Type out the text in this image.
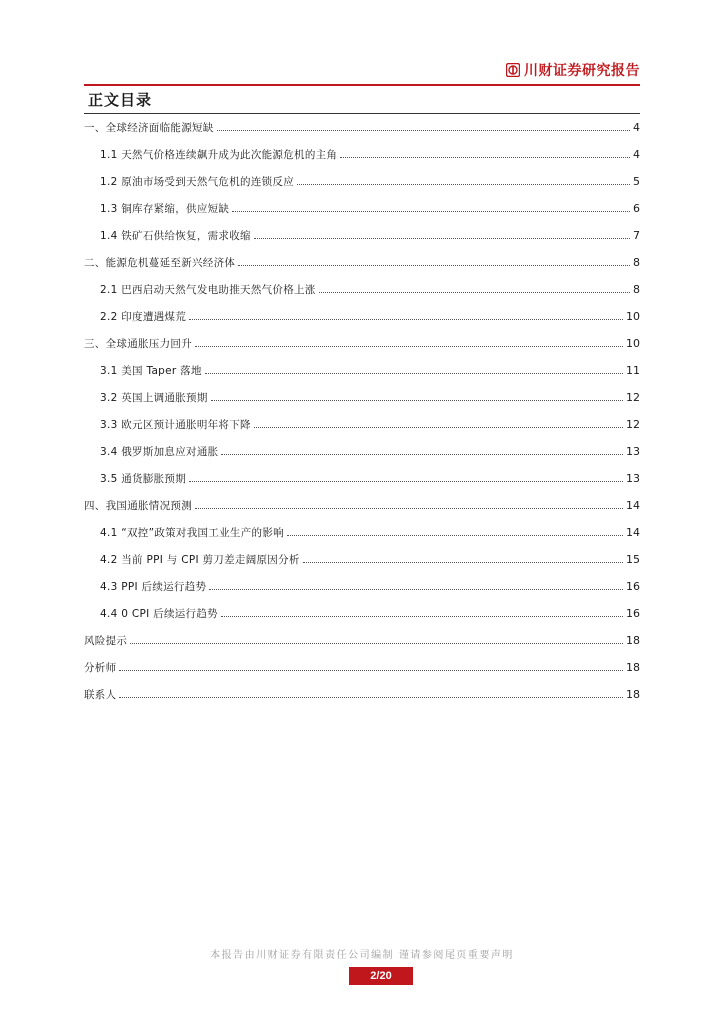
川财证券研究报告
正文目录
一、全球经济面临能源短缺	4
1.1 天然气价格连续飙升成为此次能源危机的主角	4
1.2 原油市场受到天然气危机的连锁反应	5
1.3 铜库存紧缩，供应短缺	6
1.4 铁矿石供给恢复，需求收缩	7
二、能源危机蔓延至新兴经济体	8
2.1 巴西启动天然气发电助推天然气价格上涨	8
2.2 印度遭遇煤荒	10
三、全球通胀压力回升	10
3.1 美国 Taper 落地	11
3.2 英国上调通胀预期	12
3.3 欧元区预计通胀明年将下降	12
3.4 俄罗斯加息应对通胀	13
3.5 通货膨胀预期	13
四、我国通胀情况预测	14
4.1 “双控”政策对我国工业生产的影响	14
4.2 当前 PPI 与 CPI 剪刀差走阔原因分析	15
4.3 PPI 后续运行趋势	16
4.4 0 CPI 后续运行趋势	16
风险提示	18
分析师	18
联系人	18
本报告由川财证券有限责任公司编制 谨请参阅尾页重要声明
2/20
